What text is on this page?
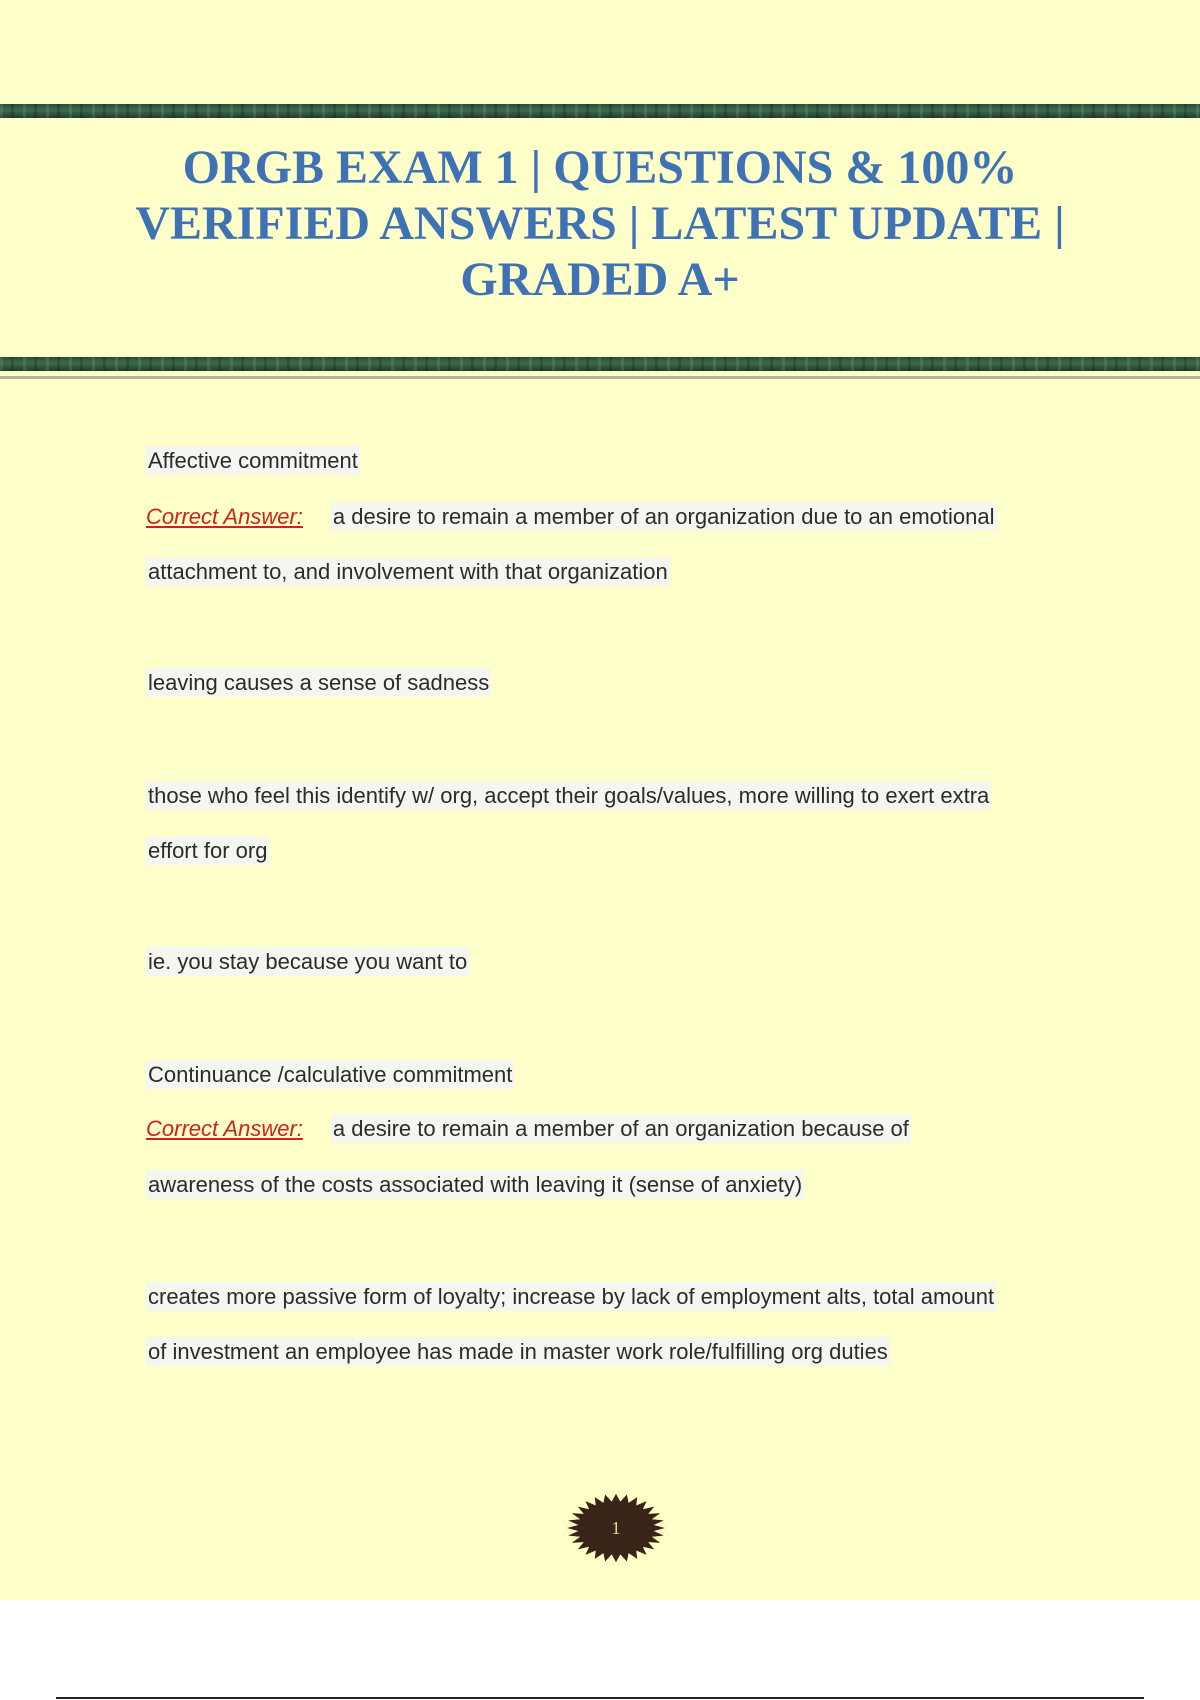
ORGB EXAM 1 | QUESTIONS & 100%
VERIFIED ANSWERS | LATEST UPDATE |
GRADED A+
Affective commitment
Correct Answer: a desire to remain a member of an organization due to an emotional
attachment to, and involvement with that organization
leaving causes a sense of sadness
those who feel this identify w/ org, accept their goals/values, more willing to exert extra
effort for org
ie. you stay because you want to
Continuance /calculative commitment
Correct Answer: a desire to remain a member of an organization because of
awareness of the costs associated with leaving it (sense of anxiety)
creates more passive form of loyalty; increase by lack of employment alts, total amount
of investment an employee has made in master work role/fulfilling org duties
1
